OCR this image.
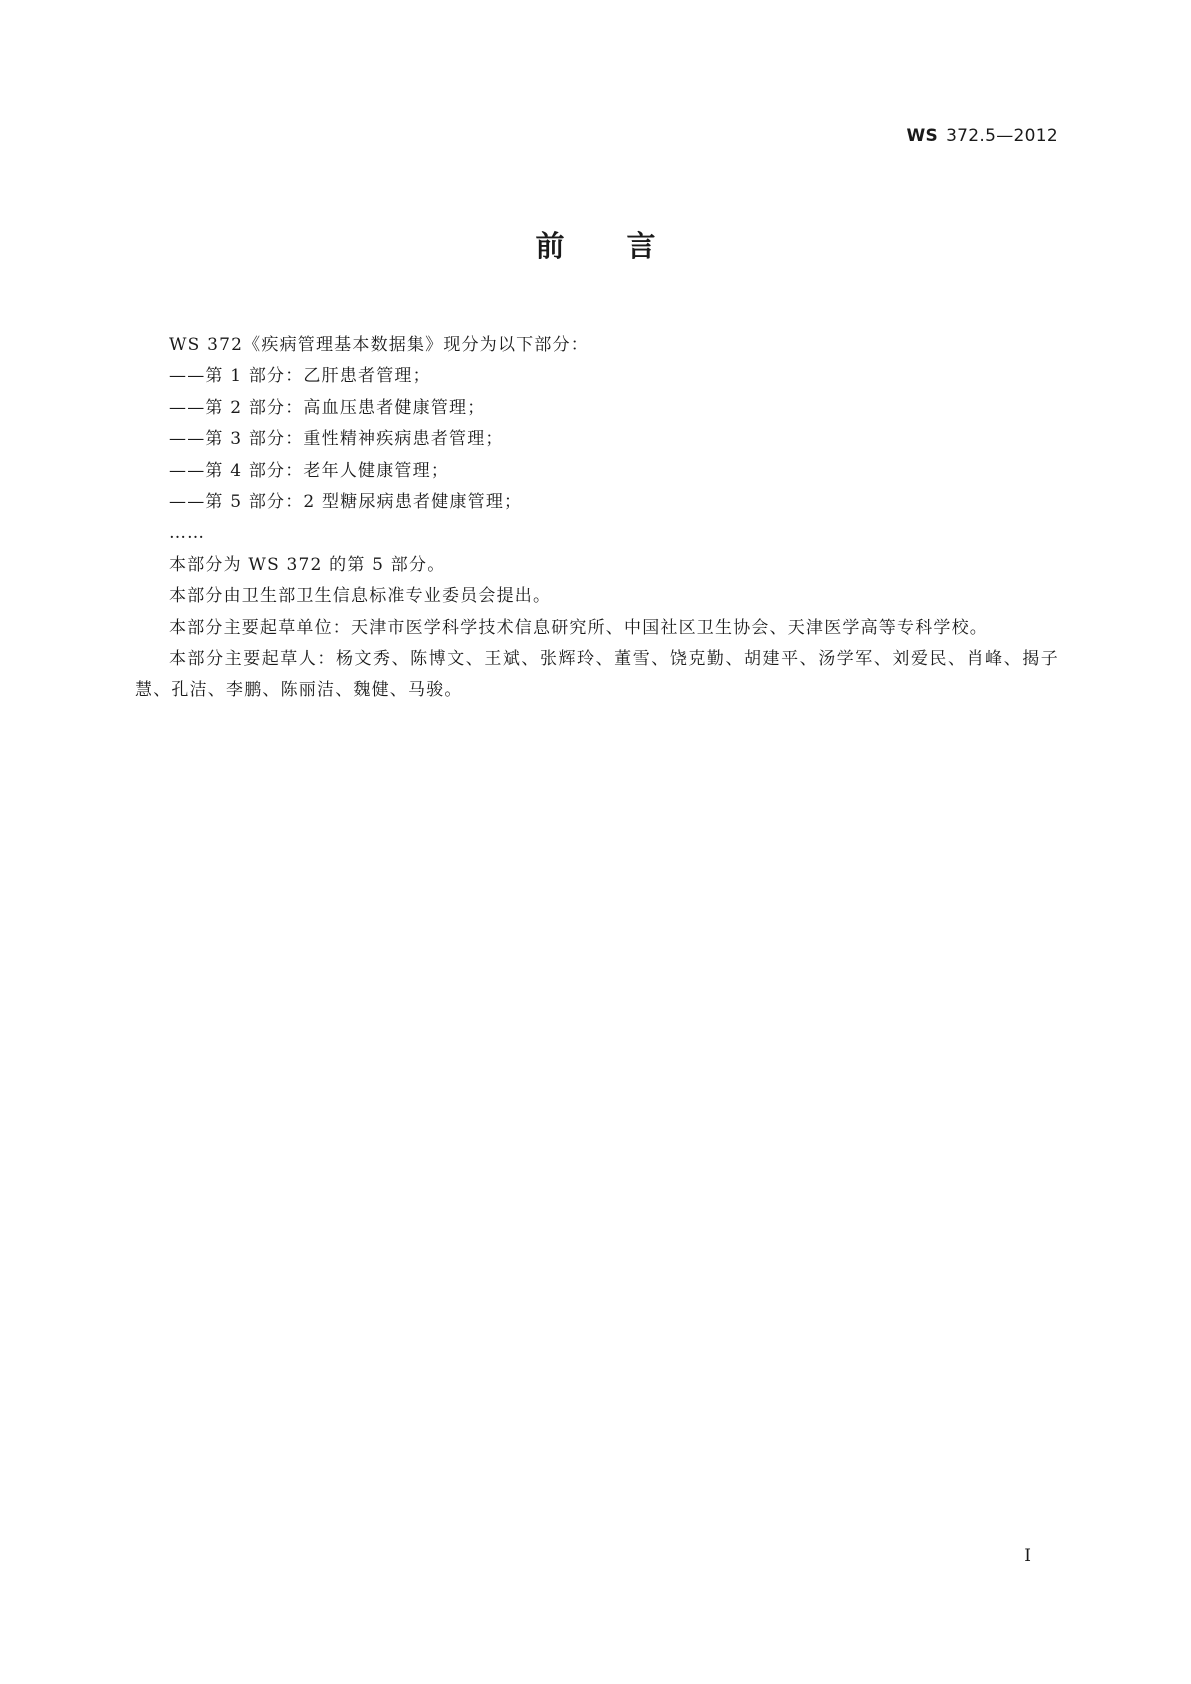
WS 372.5—2012
前言

WS 372《疾病管理基本数据集》现分为以下部分：

——第 1 部分：乙肝患者管理；

——第 2 部分：高血压患者健康管理；

——第 3 部分：重性精神疾病患者管理；

——第 4 部分：老年人健康管理；

——第 5 部分：2 型糖尿病患者健康管理；

……

本部分为 WS 372 的第 5 部分。

本部分由卫生部卫生信息标准专业委员会提出。

本部分主要起草单位：天津市医学科学技术信息研究所、中国社区卫生协会、天津医学高等专科学校。

本部分主要起草人：杨文秀、陈博文、王斌、张辉玲、董雪、饶克勤、胡建平、汤学军、刘爱民、肖峰、揭子慧、孔洁、李鹏、陈丽洁、魏健、马骏。

I
